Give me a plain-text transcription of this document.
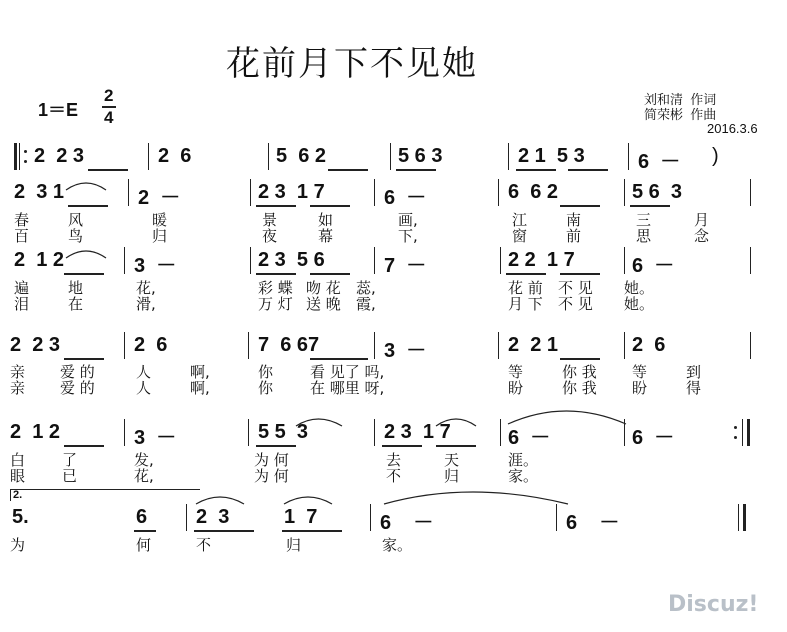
花前月下不见她
刘和清  作词
简荣彬  作曲
2016.3.6
1＝E
2
4
2  2 3	2  6	5  6 2	5 6 3	2 1  5 3	6  － )
2  3 1	2  －	2 3  1 7	6  －	6  6 2	5 6  3
春	风	暖	景	如	画,	江	南	三	月
百	鸟	归	夜	幕	下,	窗	前	思	念
2  1 2	3  －	2 3  5 6	7  －	2 2  1 7	6  －
遍	地	花,	彩 蝶 吻 花 蕊,	花 前 不 见 她。
泪	在	滑,	万 灯 送 晚 霞,	月 下 不 见 她。
2  2 3	2  6	7  6 67	3  －	2  2 1	2  6
亲 爱 的	人	啊,	你 看 见了 吗,	等	你 我 等	到
亲 爱 的	人	啊,	你 在 哪里 呀,	盼	你 我 盼	得
2  1 2	3  －	5 5  3	2 3  1 7	6  －	6  －
白 了	发,	为 何	去	天	涯。
眼 已	花,	为 何	不	归	家。
2.
5.	6 2  3	1  7	6    －	6    －
为	何	不	归	家。
Discuz!
